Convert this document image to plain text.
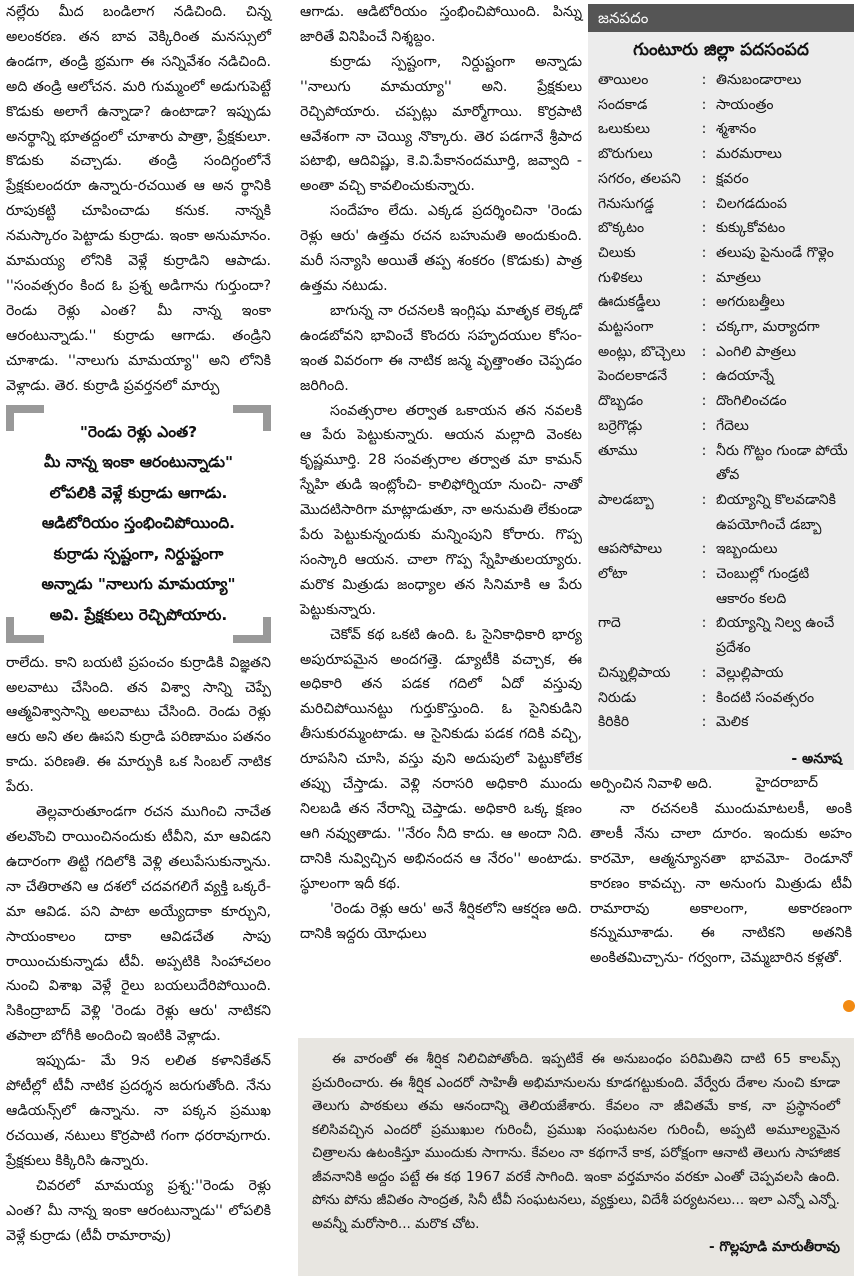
నల్లేరు మీద బండిలాగ నడిచింది. చిన్న అలంకరణ. తన బావ వెక్కిరింత మనస్సులో ఉండగా, తండ్రి భ్రమగా ఈ సన్నివేశం నడిచింది. అది తండ్రి ఆలోచన. మరి గుమ్మంలో అడుగుపెట్టే కొడుకు అలాగే ఉన్నాడా? ఉంటాడా? ఇప్పుడు అనర్థాన్ని భూతద్దంలో చూశారు పాత్రా, ప్రేక్షకులూ. కొడుకు వచ్చాడు. తండ్రి సందిగ్ధంలోనే ప్రేక్షకులందరూ ఉన్నారు-రచయిత ఆ అన ర్థానికి రూపుకట్టి చూపించాడు కనుక. నాన్నకి నమస్కారం పెట్టాడు కుర్రాడు. ఇంకా అనుమానం. మామయ్య లోనికి వెళ్లే కుర్రాడిని ఆపాడు. ''సంవత్సరం కింద ఓ ప్రశ్న అడిగాను గుర్తుందా? రెండు రెళ్లు ఎంత? మీ నాన్న ఇంకా ఆరంటున్నాడు.'' కుర్రాడు ఆగాడు. తండ్రిని చూశాడు. ''నాలుగు మామయ్యా'' అని లోనికి వెళ్లాడు. తెర. కుర్రాడి ప్రవర్తనలో మార్పు

"రెండు రెళ్లు ఎంత?
మీ నాన్న ఇంకా ఆరంటున్నాడు"
లోపలికి వెళ్లే కుర్రాడు ఆగాడు.
ఆడిటోరియం స్తంభించిపోయింది.
కుర్రాడు స్పష్టంగా, నిర్దుష్టంగా
అన్నాడు "నాలుగు మామయ్యా"
అవి. ప్రేక్షకులు రెచ్చిపోయారు.

రాలేదు. కాని బయటి ప్రపంచం కుర్రాడికి విజ్ఞతని అలవాటు చేసింది. తన విశ్వా సాన్ని చెప్పే ఆత్మవిశ్వాసాన్ని అలవాటు చేసింది. రెండు రెళ్లు ఆరు అని తల ఊపని కుర్రాడి పరిణామం పతనం కాదు. పరిణతి. ఈ మార్పుకి ఒక సింబల్ నాటిక పేరు.

తెల్లవారుతూండగా రచన ముగించి నాచేత తలవొంచి రాయించినందుకు టీవీని, మా ఆవిడని ఉదారంగా తిట్టి గదిలోకి వెళ్లి తలుపేసుకున్నాను. నా చేతిరాతని ఆ దశలో చదవగలిగే వ్యక్తి ఒక్కరే-మా ఆవిడ. పని పాటా అయ్యేదాకా కూర్చుని, సాయంకాలం దాకా ఆవిడచేత సాపు రాయించుకున్నాడు టీవీ. అప్పటికి సింహాచలం నుంచి విశాఖ వెళ్లే రైలు బయలుదేరిపోయింది. సికింద్రాబాద్ వెళ్లి 'రెండు రెళ్లు ఆరు' నాటికని తపాలా బోగీకి అందించి ఇంటికి వెళ్లాడు.

ఇప్పుడు- మే 9న లలిత కళానికేతన్ పోటీల్లో టీవీ నాటిక ప్రదర్శన జరుగుతోంది. నేను ఆడియన్స్‌లో ఉన్నాను. నా పక్కన ప్రముఖ రచయిత, నటులు కొర్రపాటి గంగా ధరరావుగారు. ప్రేక్షకులు కిక్కిరిసి ఉన్నారు.

చివరలో మామయ్య ప్రశ్న:''రెండు రెళ్లు ఎంత? మీ నాన్న ఇంకా ఆరంటున్నాడు'' లోపలికి వెళ్లే కుర్రాడు (టీవీ రామారావు)

ఆగాడు. ఆడిటోరియం స్తంభించిపోయింది. పిన్ను జారితే వినిపించే నిశ్శబ్దం.

కుర్రాడు స్పష్టంగా, నిర్దుష్టంగా అన్నాడు ''నాలుగు మామయ్యా'' అని. ప్రేక్షకులు రెచ్చిపోయారు. చప్పట్లు మార్మోగాయి. కొర్రపాటి ఆవేశంగా నా చెయ్యి నొక్కారు. తెర పడగానే శ్రీపాద పటాభి, ఆదివిష్ణు, కె.వి.పేకానందమూర్తి, జవ్వాది - అంతా వచ్చి కావలించుకున్నారు.

సందేహం లేదు. ఎక్కడ ప్రదర్శించినా 'రెండు రెళ్లు ఆరు' ఉత్తమ రచన బహుమతి అందుకుంది. మరీ సన్యాసి అయితే తప్ప శంకరం (కొడుకు) పాత్ర ఉత్తమ నటుడు.

బాగున్న నా రచనలకి ఇంగ్లిషు మాతృక లెక్కడో ఉండబోవని భావించే కొందరు సహృదయుల కోసం- ఇంత వివరంగా ఈ నాటిక జన్మ వృత్తాంతం చెప్పడం జరిగింది.

సంవత్సరాల తర్వాత ఒకాయన తన నవలకి ఆ పేరు పెట్టుకున్నారు. ఆయన మల్లాది వెంకట కృష్ణమూర్తి. 28 సంవత్సరాల తర్వాత మా కామన్ స్నేహి తుడి ఇంట్లోంచి- కాలిఫోర్నియా నుంచి- నాతో మొదటిసారిగా మాట్లాడుతూ, నా అనుమతి లేకుండా పేరు పెట్టుకున్నందుకు మన్నింపుని కోరారు. గొప్ప సంస్కారి ఆయన. చాలా గొప్ప స్నేహితులయ్యారు. మరొక మిత్రుడు జంధ్యాల తన సినిమాకి ఆ పేరు పెట్టుకున్నారు.

చెకోవ్ కథ ఒకటి ఉంది. ఓ సైనికాధికారి భార్య అపురూపమైన అందగత్తె. డ్యూటీకి వచ్చాక, ఈ అధికారి తన పడక గదిలో ఏదో వస్తువు మరిచిపోయినట్టు గుర్తుకొస్తుంది. ఓ సైనికుడిని తీసుకురమ్మంటాడు. ఆ సైనికుడు పడక గదికి వచ్చి, రూపసిని చూసి, వస్తు వుని అదుపులో పెట్టుకోలేక తప్పు చేస్తాడు. వెళ్లి నరాసరి అధికారి ముందు నిలబడి తన నేరాన్ని చెప్తాడు. అధికారి ఒక్క క్షణం ఆగి నవ్వుతాడు. ''నేరం నీది కాదు. ఆ అందా నిది. దానికి నువ్విచ్చిన అభినందన ఆ నేరం'' అంటాడు. స్థూలంగా ఇదీ కథ.

'రెండు రెళ్లు ఆరు' అనే శీర్షికలోని ఆకర్షణ అది. దానికి ఇద్దరు యోధులు

జనపదం
గుంటూరు జిల్లా పదసంపద
తాయిలం	:	తినుబండారాలు
సందకాడ	:	సాయంత్రం
ఒలుకులు	:	శ్మశానం
బొరుగులు	:	మరమరాలు
సగరం, తలపని	:	క్షవరం
గెనుసుగడ్డ	:	చిలగడదుంప
బొక్కటం	:	కుక్కుకోవటం
చిలుకు	:	తలుపు పైనుండే గొళ్లెం
గుళికలు	:	మాత్రలు
ఊదుకడ్డీలు	:	అగరుబత్తీలు
మట్టసంగా	:	చక్కగా, మర్యాదగా
అంట్లు, బొచ్చెలు	:	ఎంగిలి పాత్రలు
పెందలకాడనే	:	ఉదయాన్నే
దొబ్బడం	:	దొంగిలించడం
బర్రెగొడ్లు	:	గేదెలు
తూము	:	నీరు గొట్టం గుండా పోయే తోవ
పాలడబ్బా	:	బియ్యాన్ని కొలవడానికి ఉపయోగించే డబ్బా
ఆపసోపాలు	:	ఇబ్బందులు
లోటా	:	చెంబుల్లో గుండ్రటి ఆకారం కలది
గాదె	:	బియ్యాన్ని నిల్వ ఉంచే ప్రదేశం
చిన్నుల్లిపాయ	:	వెల్లుల్లిపాయ
నిరుడు	:	కిందటి సంవత్సరం
కిరికిరి	:	మెలిక
- అనూష
హైదరాబాద్

అర్పించిన నివాళి అది.

నా రచనలకి ముందుమాటలకీ, అంకి తాలకీ నేను చాలా దూరం. ఇందుకు అహం కారమో, ఆత్మన్యూనతా భావమో- రెండూనో కారణం కావచ్చు. నా అనుంగు మిత్రుడు టీవీ రామారావు అకాలంగా, అకారణంగా కన్నుమూశాడు. ఈ నాటికని అతనికి అంకితమిచ్చాను- గర్వంగా, చెమ్మబారిన కళ్లతో.

ఈ వారంతో ఈ శీర్షిక నిలిచిపోతోంది. ఇప్పటికే ఈ అనుబంధం పరిమితిని దాటి 65 కాలమ్స్ ప్రచురించారు. ఈ శీర్షిక ఎందరో సాహితీ అభిమానులను కూడగట్టుకుంది. వేర్వేరు దేశాల నుంచి కూడా తెలుగు పాఠకులు తమ ఆనందాన్ని తెలియజేశారు. కేవలం నా జీవితమే కాక, నా ప్రస్థానంలో కలిసివచ్చిన ఎందరో ప్రముఖుల గురించీ, ప్రముఖ సంఘటనల గురించీ, అప్పటి అమూల్యమైన చిత్రాలను ఉటంకిస్తూ ముందుకు సాగాను. కేవలం నా కథగానే కాక, పరోక్షంగా ఆనాటి తెలుగు సాహాజిక జీవనానికి అద్దం పట్టే ఈ కథ 1967 వరకే సాగింది. ఇంకా వర్తమానం వరకూ ఎంతో చెప్పవలసి ఉంది. పోను పోను జీవితం సాంద్రత, సినీ టీవీ సంఘటనలు, వ్యక్తులు, విదేశీ పర్యటనలు... ఇలా ఎన్నో ఎన్నో. అవన్నీ మరోసారి... మరొక చోట.

- గొల్లపూడి మారుతీరావు
